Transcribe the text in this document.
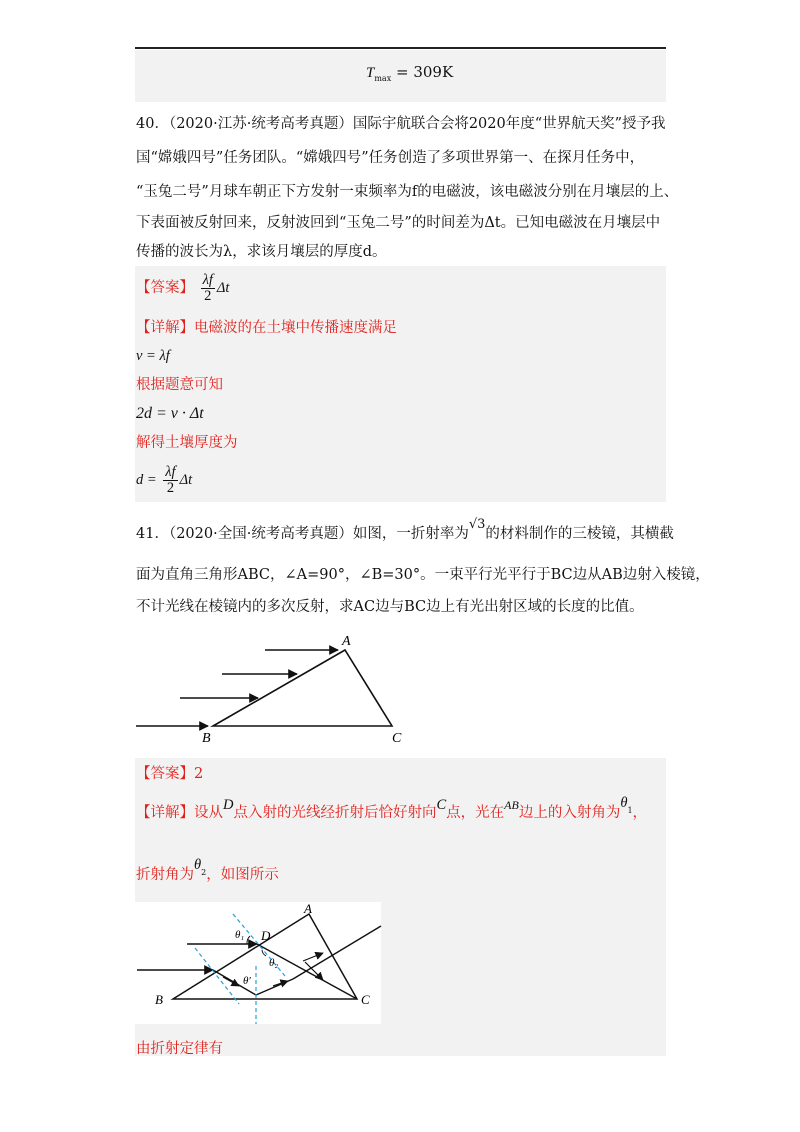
$T_{max} = 309K$
40．（2020·江苏·统考高考真题）国际宇航联合会将2020年度“世界航天奖”授予我
国“嫦娥四号”任务团队。“嫦娥四号”任务创造了多项世界第一、在探月任务中，
“玉兔二号”月球车朝正下方发射一束频率为f的电磁波，该电磁波分别在月壤层的上、
下表面被反射回来，反射波回到“玉兔二号”的时间差为Δt。已知电磁波在月壤层中
传播的波长为λ，求该月壤层的厚度d。
【答案】 $\frac{\lambda f}{2}$ Δt
【详解】电磁波的在土壤中传播速度满足
v = λf
根据题意可知
2d = v · Δt
解得土壤厚度为
$d = \frac{\lambda f}{2}$ Δt
41．（2020·全国·统考高考真题）如图，一折射率为√3的材料制作的三棱镜，其横截
面为直角三角形ABC，∠A=90°，∠B=30°。一束平行光平行于BC边从AB边射入棱镜，
不计光线在棱镜内的多次反射，求AC边与BC边上有光出射区域的长度的比值。
A
B	C
【答案】2
【详解】设从D点入射的光线经折射后恰好射向C点，光在$^{AB}$边上的入射角为$\theta_1$，
折射角为$\theta_2$，如图所示
A
B	C
D
θ₁
θ₂
θ′
由折射定律有
